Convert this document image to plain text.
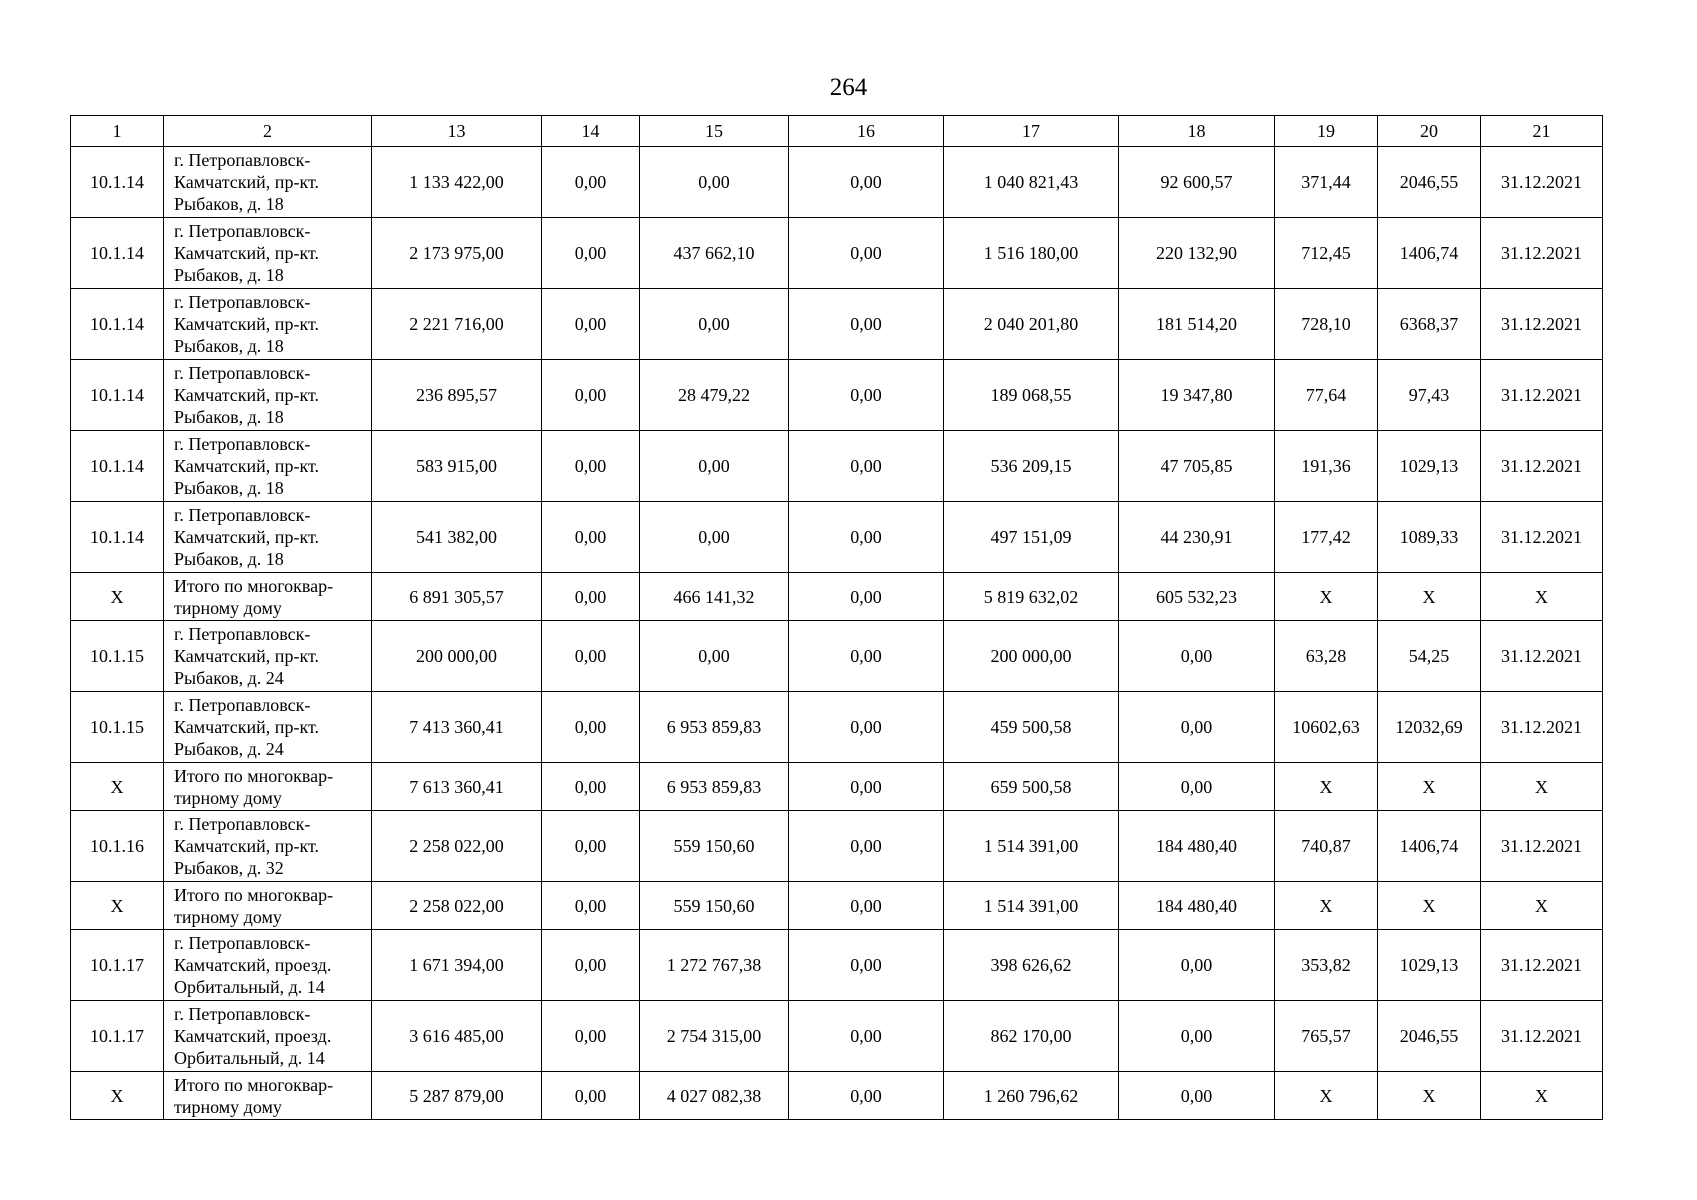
264
1	2	13	14	15	16	17	18	19	20	21
10.1.14	г. Петропавловск-
Камчатский, пр-кт.
Рыбаков, д. 18	1 133 422,00	0,00	0,00	0,00	1 040 821,43	92 600,57	371,44	2046,55	31.12.2021
10.1.14	г. Петропавловск-
Камчатский, пр-кт.
Рыбаков, д. 18	2 173 975,00	0,00	437 662,10	0,00	1 516 180,00	220 132,90	712,45	1406,74	31.12.2021
10.1.14	г. Петропавловск-
Камчатский, пр-кт.
Рыбаков, д. 18	2 221 716,00	0,00	0,00	0,00	2 040 201,80	181 514,20	728,10	6368,37	31.12.2021
10.1.14	г. Петропавловск-
Камчатский, пр-кт.
Рыбаков, д. 18	236 895,57	0,00	28 479,22	0,00	189 068,55	19 347,80	77,64	97,43	31.12.2021
10.1.14	г. Петропавловск-
Камчатский, пр-кт.
Рыбаков, д. 18	583 915,00	0,00	0,00	0,00	536 209,15	47 705,85	191,36	1029,13	31.12.2021
10.1.14	г. Петропавловск-
Камчатский, пр-кт.
Рыбаков, д. 18	541 382,00	0,00	0,00	0,00	497 151,09	44 230,91	177,42	1089,33	31.12.2021
Х	Итого по многоквар-
тирному дому	6 891 305,57	0,00	466 141,32	0,00	5 819 632,02	605 532,23	Х	Х	Х
10.1.15	г. Петропавловск-
Камчатский, пр-кт.
Рыбаков, д. 24	200 000,00	0,00	0,00	0,00	200 000,00	0,00	63,28	54,25	31.12.2021
10.1.15	г. Петропавловск-
Камчатский, пр-кт.
Рыбаков, д. 24	7 413 360,41	0,00	6 953 859,83	0,00	459 500,58	0,00	10602,63	12032,69	31.12.2021
Х	Итого по многоквар-
тирному дому	7 613 360,41	0,00	6 953 859,83	0,00	659 500,58	0,00	Х	Х	Х
10.1.16	г. Петропавловск-
Камчатский, пр-кт.
Рыбаков, д. 32	2 258 022,00	0,00	559 150,60	0,00	1 514 391,00	184 480,40	740,87	1406,74	31.12.2021
Х	Итого по многоквар-
тирному дому	2 258 022,00	0,00	559 150,60	0,00	1 514 391,00	184 480,40	Х	Х	Х
10.1.17	г. Петропавловск-
Камчатский, проезд.
Орбитальный, д. 14	1 671 394,00	0,00	1 272 767,38	0,00	398 626,62	0,00	353,82	1029,13	31.12.2021
10.1.17	г. Петропавловск-
Камчатский, проезд.
Орбитальный, д. 14	3 616 485,00	0,00	2 754 315,00	0,00	862 170,00	0,00	765,57	2046,55	31.12.2021
Х	Итого по многоквар-
тирному дому	5 287 879,00	0,00	4 027 082,38	0,00	1 260 796,62	0,00	Х	Х	Х
